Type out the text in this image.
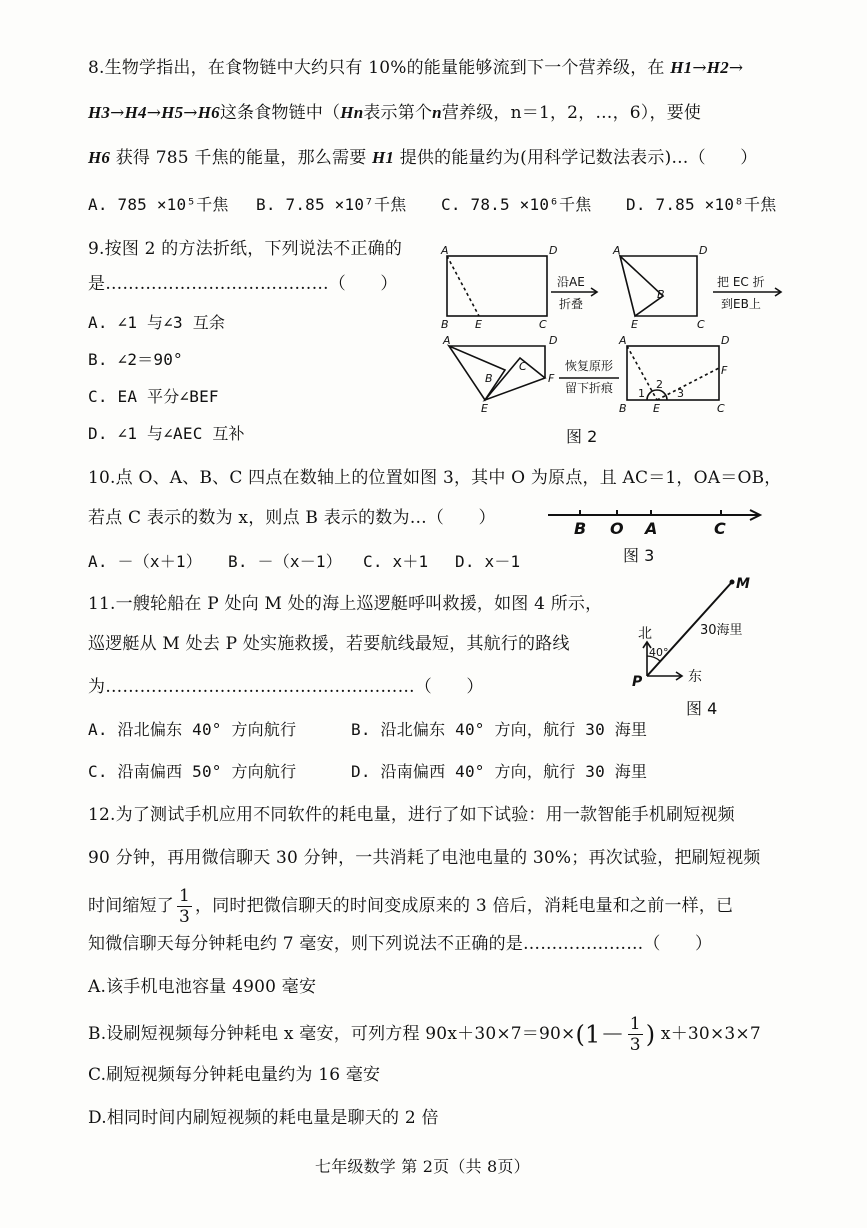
8.生物学指出，在食物链中大约只有 10%的能量能够流到下一个营养级，在 H1→H2→
H3→H4→H5→H6这条食物链中（Hn表示第个n营养级，n＝1，2，…，6），要使
H6 获得 785 千焦的能量，那么需要 H1 提供的能量约为(用科学记数法表示)…（　　）
A. 785 ×10⁵千焦 B. 7.85 ×10⁷千焦 C. 78.5 ×10⁶千焦 D. 7.85 ×10⁸千焦
9.按图 2 的方法折纸，下列说法不正确的
是…………………………………（　　）
A. ∠1 与∠3 互余
B. ∠2＝90°
C. EA 平分∠BEF
D. ∠1 与∠AEC 互补
A	D
B E	C
A	D
B
E	C
A	D
B
C
F
E
A	D
F
B E	C
1
2
3
沿AE
折叠
把 EC 折
到EB上
恢复原形
留下折痕
图 2
10.点 O、A、B、C 四点在数轴上的位置如图 3，其中 O 为原点，且 AC＝1，OA＝OB，
若点 C 表示的数为 x，则点 B 表示的数为…（　　）
A. －（x＋1） B. －（x－1） C. x＋1 D. x－1
B O A	C
图 3
11.一艘轮船在 P 处向 M 处的海上巡逻艇呼叫救援，如图 4 所示，
巡逻艇从 M 处去 P 处实施救援，若要航线最短，其航行的路线
为………………………………………………（　　）
A. 沿北偏东 40° 方向航行	B. 沿北偏东 40° 方向，航行 30 海里
C. 沿南偏西 50° 方向航行	D. 沿南偏西 40° 方向，航行 30 海里
北
东
30海里
40°
P
M
图 4
12.为了测试手机应用不同软件的耗电量，进行了如下试验：用一款智能手机刷短视频
90 分钟，再用微信聊天 30 分钟，一共消耗了电池电量的 30%；再次试验，把刷短视频
时间缩短了 $\frac{1}{3}$ ，同时把微信聊天的时间变成原来的 3 倍后，消耗电量和之前一样，已
知微信聊天每分钟耗电约 7 毫安，则下列说法不正确的是…………………（　　）
A.该手机电池容量 4900 毫安
B.设刷短视频每分钟耗电 x 毫安，可列方程 $90x+30\times 7=90\times(1- \frac{1}{3}$ ) x＋30×3×7
C.刷短视频每分钟耗电量约为 16 毫安
D.相同时间内刷短视频的耗电量是聊天的 2 倍
七年级数学 第 2页（共 8页）
